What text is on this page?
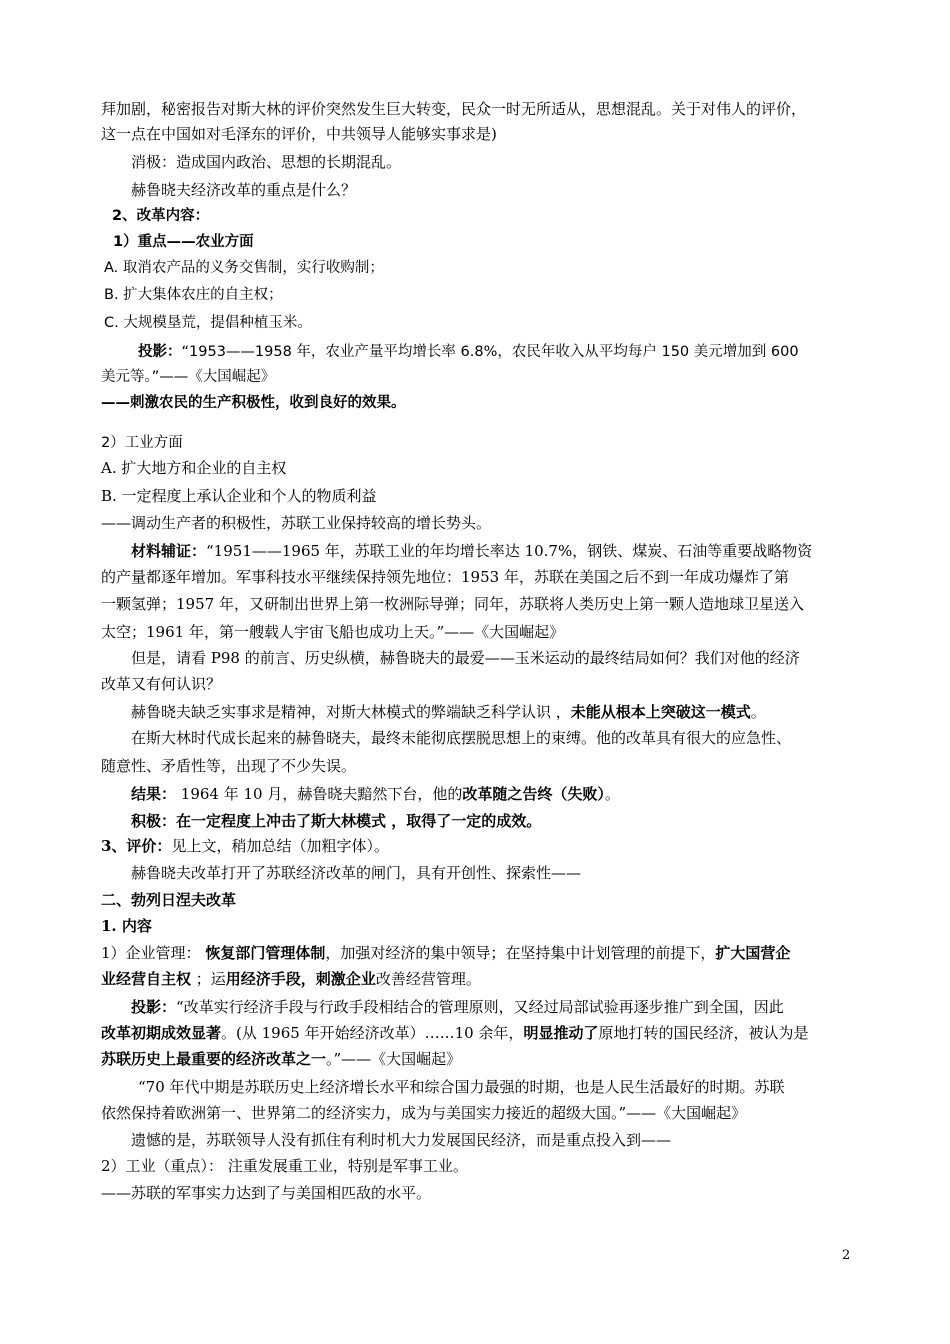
拜加剧，秘密报告对斯大林的评价突然发生巨大转变，民众一时无所适从，思想混乱。关于对伟人的评价，
这一点在中国如对毛泽东的评价，中共领导人能够实事求是)
消极：造成国内政治、思想的长期混乱。
赫鲁晓夫经济改革的重点是什么？
2、改革内容：
1）重点——农业方面
A. 取消农产品的义务交售制，实行收购制；
B. 扩大集体农庄的自主权；
C. 大规模垦荒，提倡种植玉米。
投影：“1953——1958 年，农业产量平均增长率 6.8%，农民年收入从平均每户 150 美元增加到 600
美元等。”——《大国崛起》
——刺激农民的生产积极性，收到良好的效果。
2）工业方面
A. 扩大地方和企业的自主权
B. 一定程度上承认企业和个人的物质利益
——调动生产者的积极性，苏联工业保持较高的增长势头。
材料辅证：“1951——1965 年，苏联工业的年均增长率达 10.7%，钢铁、煤炭、石油等重要战略物资
的产量都逐年增加。军事科技水平继续保持领先地位：1953 年，苏联在美国之后不到一年成功爆炸了第
一颗氢弹；1957 年，又研制出世界上第一枚洲际导弹；同年，苏联将人类历史上第一颗人造地球卫星送入
太空；1961 年，第一艘载人宇宙飞船也成功上天。”——《大国崛起》
但是，请看 P98 的前言、历史纵横，赫鲁晓夫的最爱——玉米运动的最终结局如何？我们对他的经济
改革又有何认识？
赫鲁晓夫缺乏实事求是精神，对斯大林模式的弊端缺乏科学认识 ，未能从根本上突破这一模式。
在斯大林时代成长起来的赫鲁晓夫，最终未能彻底摆脱思想上的束缚。他的改革具有很大的应急性、
随意性、矛盾性等，出现了不少失误。
结果： 1964 年 10 月，赫鲁晓夫黯然下台，他的改革随之告终（失败）。
积极：在一定程度上冲击了斯大林模式 ，取得了一定的成效。
3、评价：见上文，稍加总结（加粗字体）。
赫鲁晓夫改革打开了苏联经济改革的闸门，具有开创性、探索性——
二、勃列日涅夫改革
1. 内容
1）企业管理： 恢复部门管理体制，加强对经济的集中领导；在坚持集中计划管理的前提下，扩大国营企
业经营自主权 ；运用经济手段，刺激企业改善经营管理。
投影：“改革实行经济手段与行政手段相结合的管理原则，又经过局部试验再逐步推广到全国，因此
改革初期成效显著。(从 1965 年开始经济改革）……10 余年，明显推动了原地打转的国民经济，被认为是
苏联历史上最重要的经济改革之一。”——《大国崛起》
“70 年代中期是苏联历史上经济增长水平和综合国力最强的时期，也是人民生活最好的时期。苏联
依然保持着欧洲第一、世界第二的经济实力，成为与美国实力接近的超级大国。”——《大国崛起》
遗憾的是，苏联领导人没有抓住有利时机大力发展国民经济，而是重点投入到——
2）工业（重点）： 注重发展重工业，特别是军事工业。
——苏联的军事实力达到了与美国相匹敌的水平。
2
